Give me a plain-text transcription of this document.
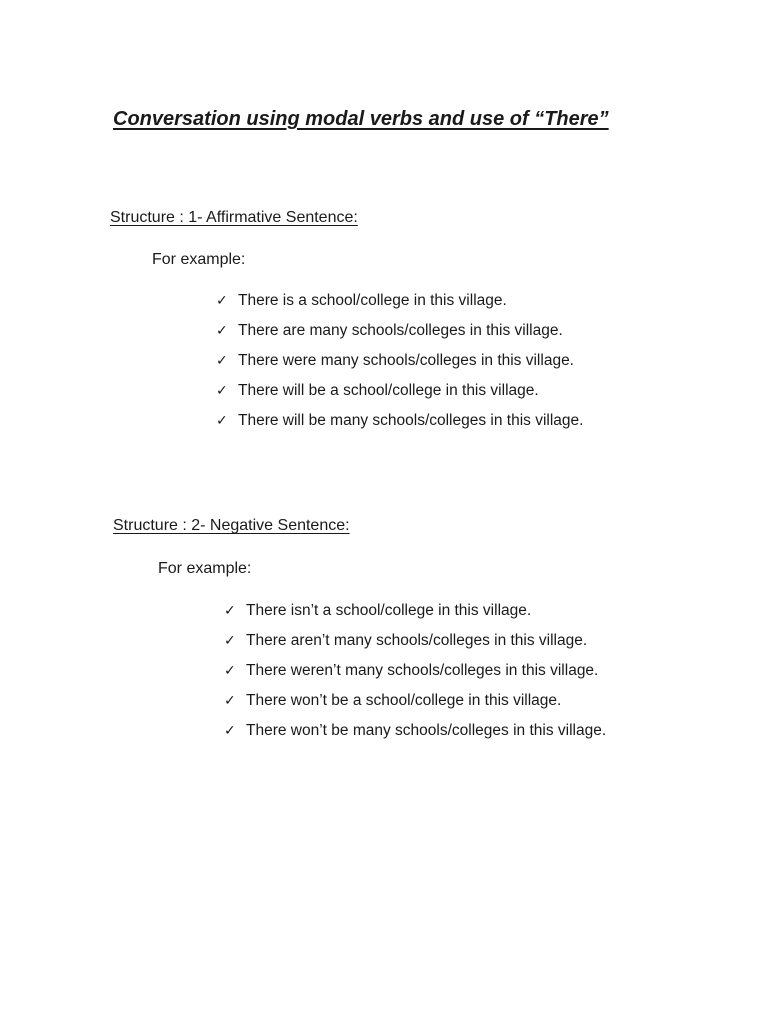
Conversation using modal verbs and use of “There”
Structure : 1- Affirmative Sentence:
For example:
✓ There is a school/college in this village.
✓ There are many schools/colleges in this village.
✓ There were many schools/colleges in this village.
✓ There will be a school/college in this village.
✓ There will be many schools/colleges in this village.
Structure : 2- Negative Sentence:
For example:
✓ There isn’t a school/college in this village.
✓ There aren’t many schools/colleges in this village.
✓ There weren’t many schools/colleges in this village.
✓ There won’t be a school/college in this village.
✓ There won’t be many schools/colleges in this village.
